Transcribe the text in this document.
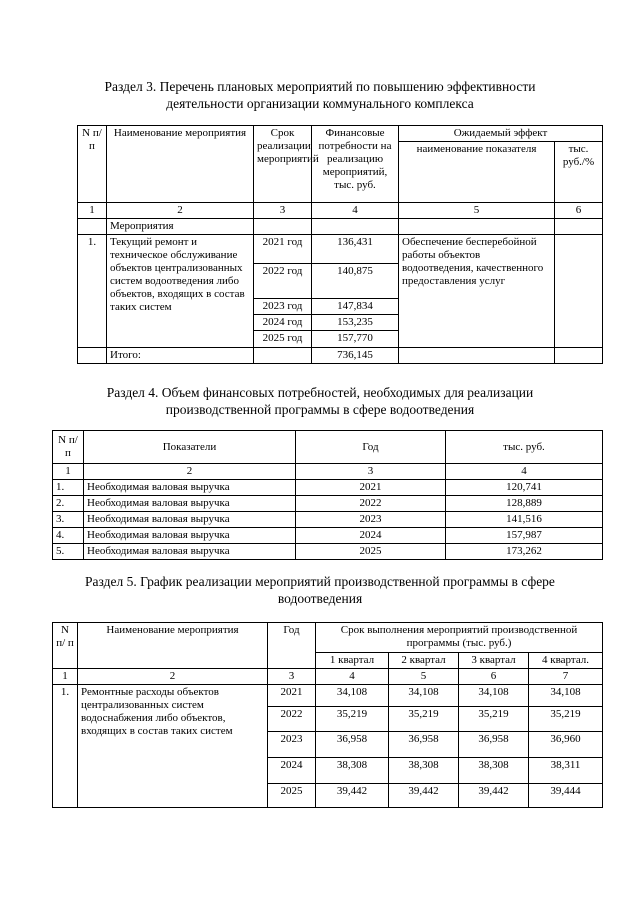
Раздел 3. Перечень плановых мероприятий по повышению эффективности

деятельности организации коммунального комплекса

N п/п	Наименование мероприятия	Срок реализации мероприятий	Финансовые потребности на реализацию мероприятий, тыс. руб.	Ожидаемый эффект	
				наименование показателя	тыс. руб./%
1	2	3	4	5	6
	Мероприятия				
1.	Текущий ремонт и техническое обслуживание объектов централизованных систем водоотведения либо объектов, входящих в состав таких систем	2021 год	136,431	Обеспечение бесперебойной работы объектов водоотведения, качественного предоставления услуг	
		2022 год	140,875		
		2023 год	147,834		
		2024 год	153,235		
		2025 год	157,770		
	Итого:		736,145		

Раздел 4. Объем финансовых потребностей, необходимых для реализации

производственной программы в сфере водоотведения

N п/п	Показатели	Год	тыс. руб.
1	2	3	4
1.	Необходимая валовая выручка	2021	120,741
2.	Необходимая валовая выручка	2022	128,889
3.	Необходимая валовая выручка	2023	141,516
4.	Необходимая валовая выручка	2024	157,987
5.	Необходимая валовая выручка	2025	173,262

Раздел 5. График реализации мероприятий производственной программы в сфере

водоотведения

N п/ п	Наименование мероприятия	Год	Срок выполнения мероприятий производственной программы (тыс. руб.)			
			1 квартал	2 квартал	3 квартал	4 квартал.
1	2	3	4	5	6	7
1.	Ремонтные расходы объектов централизованных систем водоснабжения либо объектов, входящих в состав таких систем	2021	34,108	34,108	34,108	34,108
		2022	35,219	35,219	35,219	35,219
		2023	36,958	36,958	36,958	36,960
		2024	38,308	38,308	38,308	38,311
		2025	39,442	39,442	39,442	39,444
